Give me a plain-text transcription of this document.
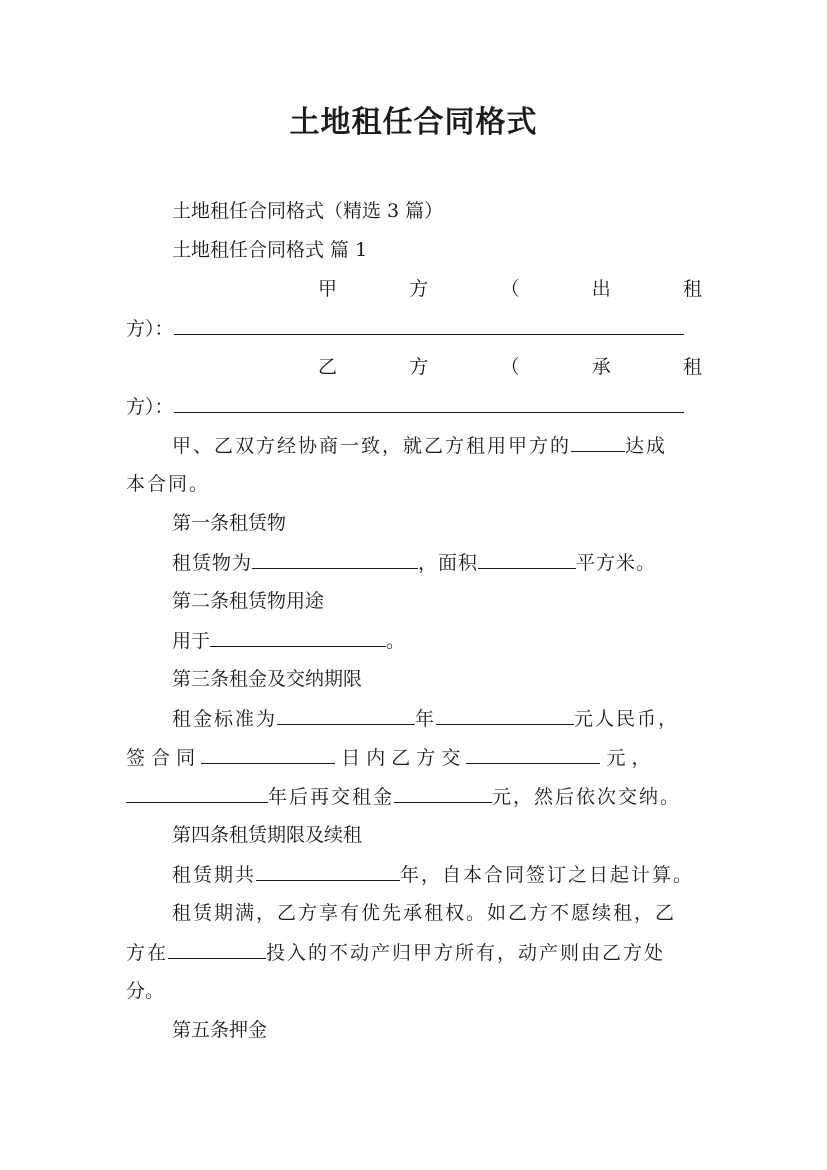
土地租任合同格式
土地租任合同格式（精选 3 篇）
土地租任合同格式 篇 1
甲	方	（	出	租
方）：
乙	方	（	承	租
方）：
甲、乙双方经协商一致，就乙方租用甲方的	达成
本合同。
第一条租赁物
租赁物为	，面积	平方米。
第二条租赁物用途
用于	。
第三条租金及交纳期限
租金标准为	年	元人民币，
签 合 同	日 内 乙 方 交	元 ，
年后再交租金	元，然后依次交纳。
第四条租赁期限及续租
租赁期共	年，自本合同签订之日起计算。
租赁期满，乙方享有优先承租权。如乙方不愿续租，乙
方在	投入的不动产归甲方所有，动产则由乙方处
分。
第五条押金
